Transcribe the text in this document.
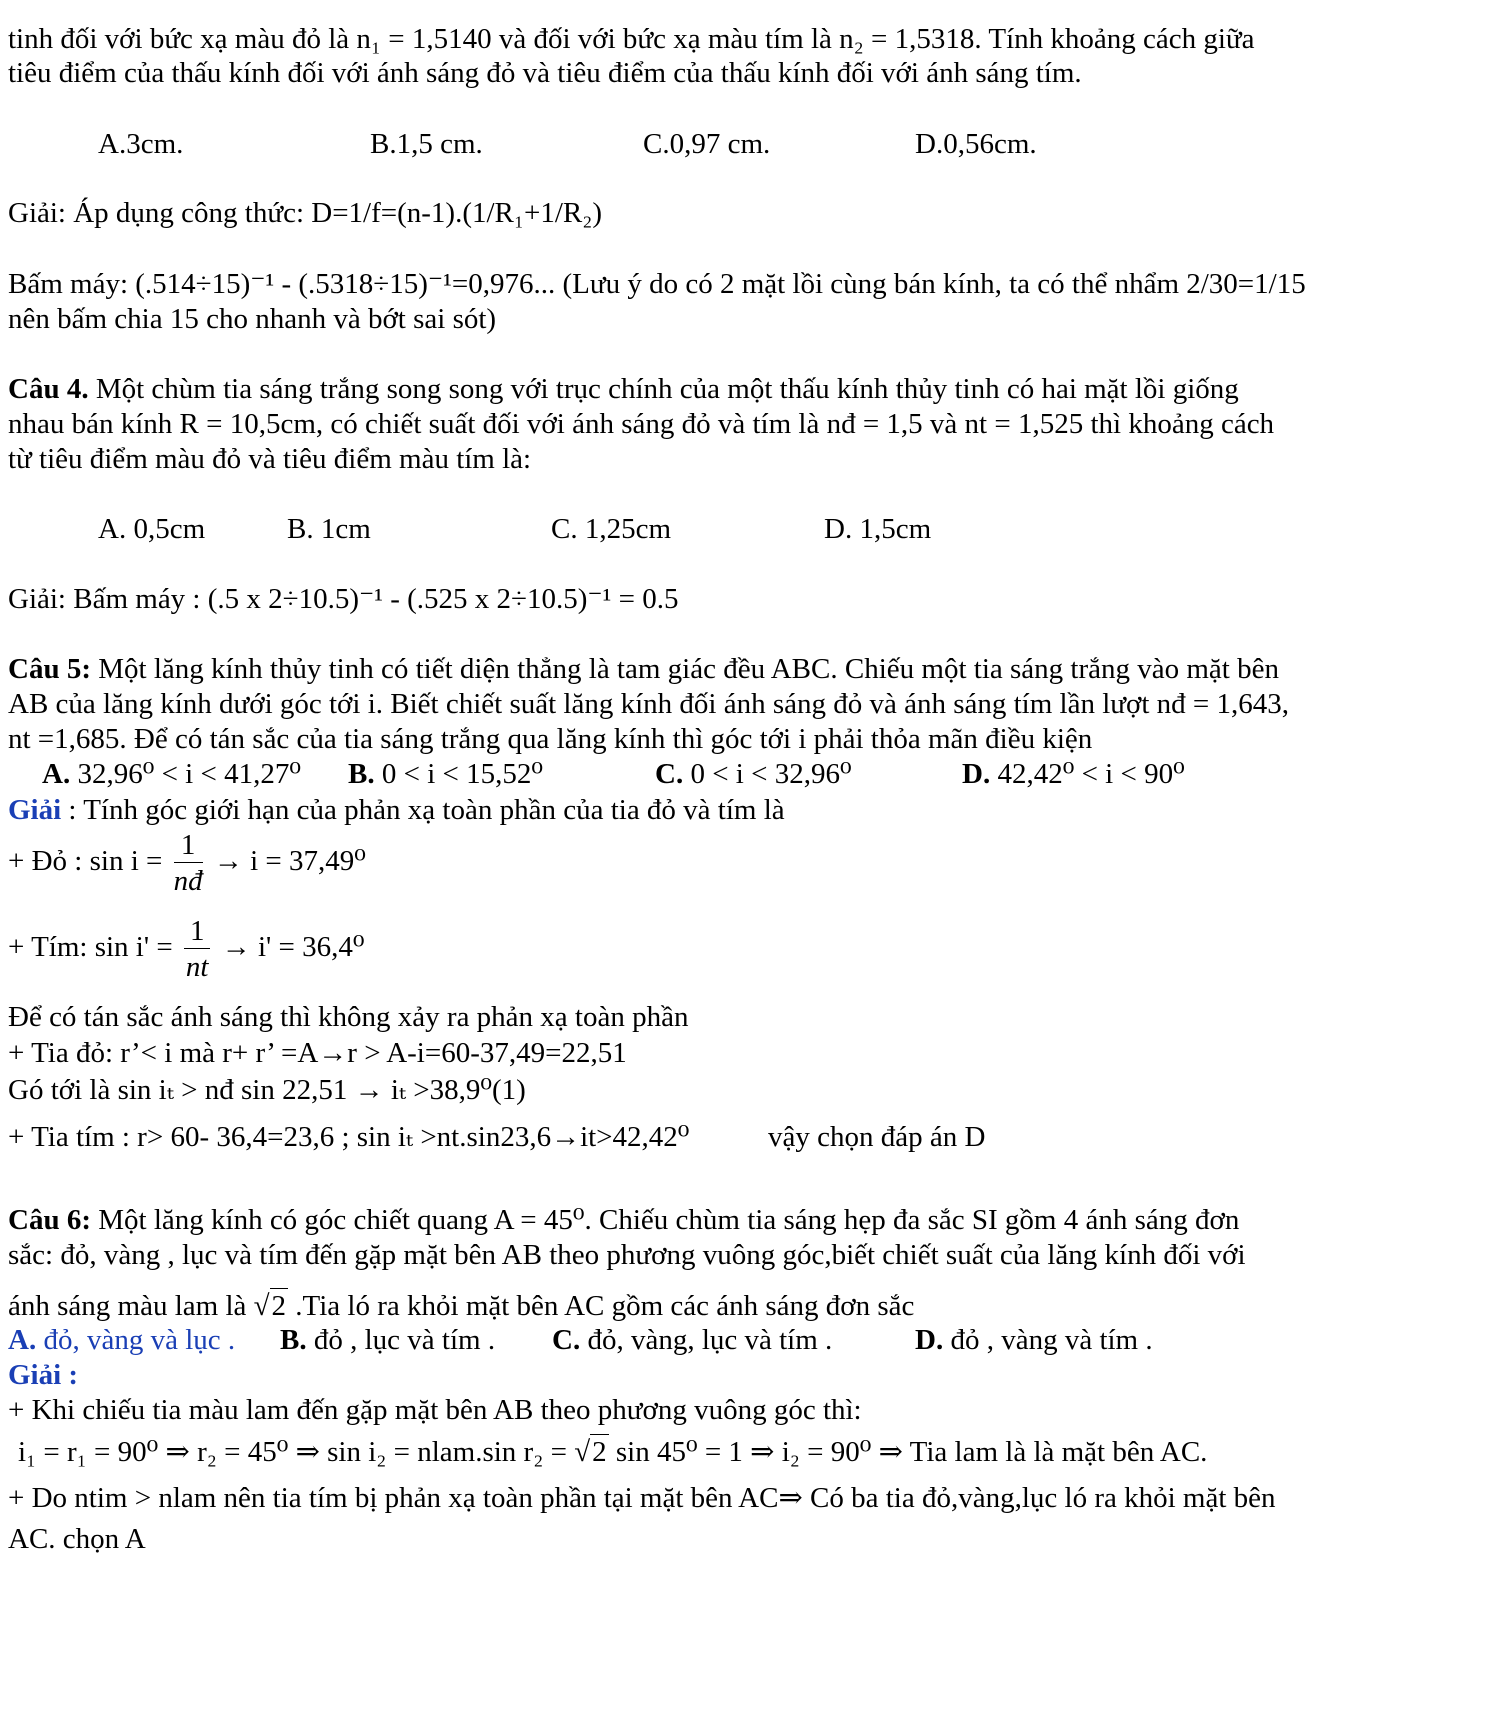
tinh đối với bức xạ màu đỏ là n₁ = 1,5140 và đối với bức xạ màu tím là n₂ = 1,5318. Tính khoảng cách giữa
tiêu điểm của thấu kính đối với ánh sáng đỏ và tiêu điểm của thấu kính đối với ánh sáng tím.
A.3cm.	B.1,5 cm.	C.0,97 cm.	D.0,56cm.
Giải: Áp dụng công thức: D=1/f=(n-1).(1/R₁+1/R₂)
Bấm máy: (.514÷15)⁻¹ - (.5318÷15)⁻¹=0,976... (Lưu ý do có 2 mặt lồi cùng bán kính, ta có thể nhẩm 2/30=1/15
nên bấm chia 15 cho nhanh và bớt sai sót)
Câu 4. Một chùm tia sáng trắng song song với trục chính của một thấu kính thủy tinh có hai mặt lồi giống
nhau bán kính R = 10,5cm, có chiết suất đối với ánh sáng đỏ và tím là nđ = 1,5 và nt = 1,525 thì khoảng cách
từ tiêu điểm màu đỏ và tiêu điểm màu tím là:
A. 0,5cm	B. 1cm	C. 1,25cm	D. 1,5cm
Giải: Bấm máy : (.5 x 2÷10.5)⁻¹ - (.525 x 2÷10.5)⁻¹ = 0.5
Câu 5: Một lăng kính thủy tinh có tiết diện thẳng là tam giác đều ABC. Chiếu một tia sáng trắng vào mặt bên
AB của lăng kính dưới góc tới i. Biết chiết suất lăng kính đối ánh sáng đỏ và ánh sáng tím lần lượt nđ = 1,643,
nt =1,685. Để có tán sắc của tia sáng trắng qua lăng kính thì góc tới i phải thỏa mãn điều kiện
A. 32,96⁰ < i < 41,27⁰ B. 0 < i < 15,52⁰	C. 0 < i < 32,96⁰	D. 42,42⁰ < i < 90⁰
Giải : Tính góc giới hạn của phản xạ toàn phần của tia đỏ và tím là
+ Đỏ : $\sin i = \frac{1}{nđ} \to i = 37,49^0$
+ Tím: $\sin i' = \frac{1}{nt} \to i' = 36,4^0$
Để có tán sắc ánh sáng thì không xảy ra phản xạ toàn phần
+ Tia đỏ: r’< i mà r+ r’ =A→r > A-i=60-37,49=22,51
Gó tới là sin iₜ > nđ sin 22,51 → iₜ >38,9⁰(1)
+ Tia tím : r> 60- 36,4=23,6 ; sin iₜ >nt.sin23,6→it>42,42⁰	vậy chọn đáp án D
Câu 6: Một lăng kính có góc chiết quang A = 45⁰. Chiếu chùm tia sáng hẹp đa sắc SI gồm 4 ánh sáng đơn
sắc: đỏ, vàng , lục và tím đến gặp mặt bên AB theo phương vuông góc,biết chiết suất của lăng kính đối với
ánh sáng màu lam là √2 .Tia ló ra khỏi mặt bên AC gồm các ánh sáng đơn sắc
A. đỏ, vàng và lục . B. đỏ , lục và tím . C. đỏ, vàng, lục và tím .	D. đỏ , vàng và tím .
Giải :
+ Khi chiếu tia màu lam đến gặp mặt bên AB theo phương vuông góc thì:
i₁ = r₁ = 90⁰ ⇒ r₂ = 45⁰ ⇒ sin i₂ = nlam.sin r₂ = √2 sin 45⁰ = 1 ⇒ i₂ = 90⁰ ⇒ Tia lam là là mặt bên AC.
+ Do ntim > nlam nên tia tím bị phản xạ toàn phần tại mặt bên AC⇒ Có ba tia đỏ,vàng,lục ló ra khỏi mặt bên
AC. chọn A
